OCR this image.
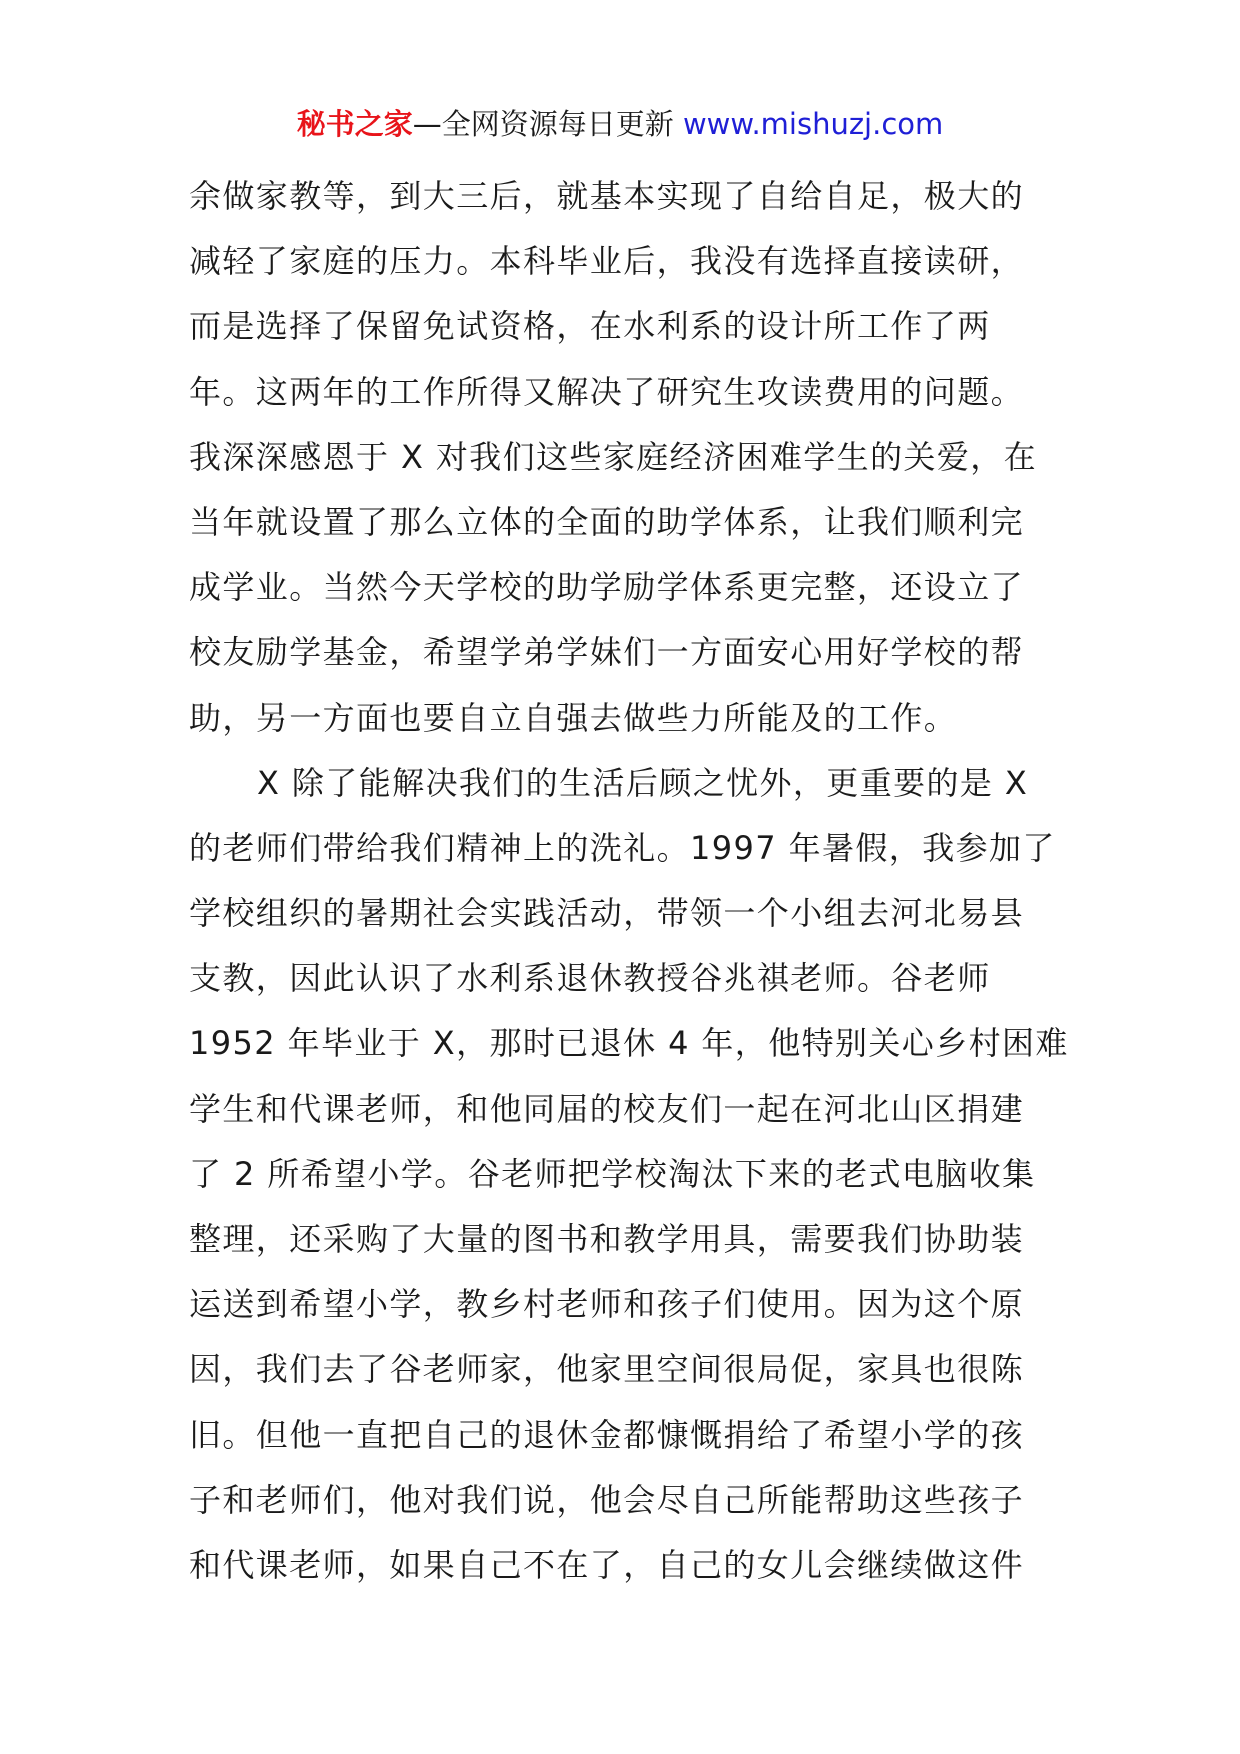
秘书之家—全网资源每日更新 www.mishuzj.com
余做家教等，到大三后，就基本实现了自给自足，极大的
减轻了家庭的压力。本科毕业后，我没有选择直接读研，
而是选择了保留免试资格，在水利系的设计所工作了两
年。这两年的工作所得又解决了研究生攻读费用的问题。
我深深感恩于 X 对我们这些家庭经济困难学生的关爱，在
当年就设置了那么立体的全面的助学体系，让我们顺利完
成学业。当然今天学校的助学励学体系更完整，还设立了
校友励学基金，希望学弟学妹们一方面安心用好学校的帮
助，另一方面也要自立自强去做些力所能及的工作。
X 除了能解决我们的生活后顾之忧外，更重要的是 X
的老师们带给我们精神上的洗礼。1997 年暑假，我参加了
学校组织的暑期社会实践活动，带领一个小组去河北易县
支教，因此认识了水利系退休教授谷兆祺老师。谷老师
1952 年毕业于 X，那时已退休 4 年，他特别关心乡村困难
学生和代课老师，和他同届的校友们一起在河北山区捐建
了 2 所希望小学。谷老师把学校淘汰下来的老式电脑收集
整理，还采购了大量的图书和教学用具，需要我们协助装
运送到希望小学，教乡村老师和孩子们使用。因为这个原
因，我们去了谷老师家，他家里空间很局促，家具也很陈
旧。但他一直把自己的退休金都慷慨捐给了希望小学的孩
子和老师们，他对我们说，他会尽自己所能帮助这些孩子
和代课老师，如果自己不在了，自己的女儿会继续做这件
